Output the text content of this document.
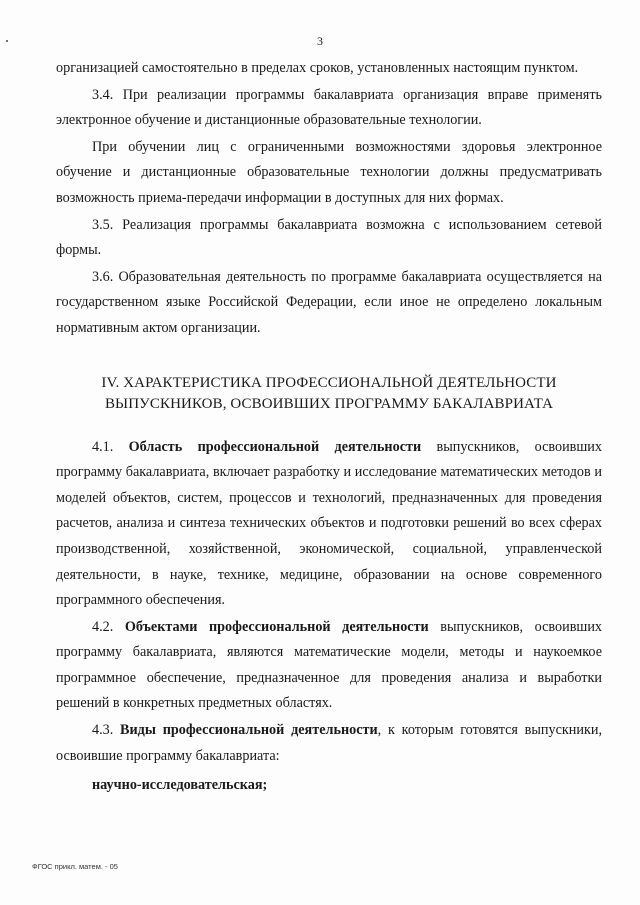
3

организацией самостоятельно в пределах сроков, установленных настоящим пунктом.

3.4. При реализации программы бакалавриата организация вправе применять электронное обучение и дистанционные образовательные технологии.

При обучении лиц с ограниченными возможностями здоровья электронное обучение и дистанционные образовательные технологии должны предусматривать возможность приема-передачи информации в доступных для них формах.

3.5. Реализация программы бакалавриата возможна с использованием сетевой формы.

3.6. Образовательная деятельность по программе бакалавриата осуществляется на государственном языке Российской Федерации, если иное не определено локальным нормативным актом организации.

IV. ХАРАКТЕРИСТИКА ПРОФЕССИОНАЛЬНОЙ ДЕЯТЕЛЬНОСТИ
ВЫПУСКНИКОВ, ОСВОИВШИХ ПРОГРАММУ БАКАЛАВРИАТА

4.1. Область профессиональной деятельности выпускников, освоивших программу бакалавриата, включает разработку и исследование математических методов и моделей объектов, систем, процессов и технологий, предназначенных для проведения расчетов, анализа и синтеза технических объектов и подготовки решений во всех сферах производственной, хозяйственной, экономической, социальной, управленческой деятельности, в науке, технике, медицине, образовании на основе современного программного обеспечения.

4.2. Объектами профессиональной деятельности выпускников, освоивших программу бакалавриата, являются математические модели, методы и наукоемкое программное обеспечение, предназначенное для проведения анализа и выработки решений в конкретных предметных областях.

4.3. Виды профессиональной деятельности, к которым готовятся выпускники, освоившие программу бакалавриата:

научно-исследовательская;

ФГОС прикл. матем. - 05
